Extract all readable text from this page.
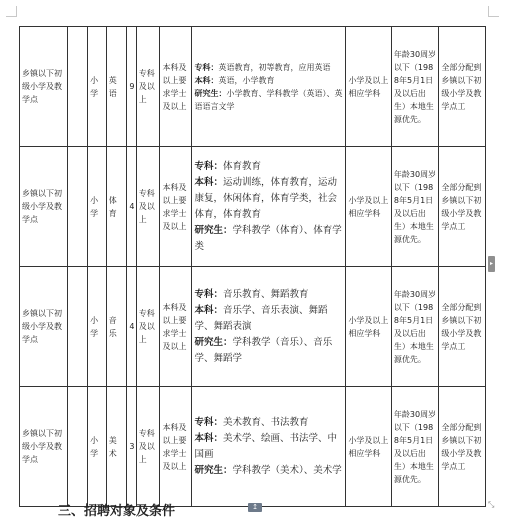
乡镇以下初级小学及教学点		小学	英语	9	专科及以上	本科及以上要求学士及以上	专科：英语教育，初等教育，应用英语
本科：英语，小学教育
研究生：小学教育、学科教学（英语）、英语语言文学	小学及以上相应学科	年龄30周岁以下（1988年5月1日及以后出生）本地生源优先。	全部分配到乡镇以下初级小学及教学点工
乡镇以下初级小学及教学点		小学	体育	4	专科及以上	本科及以上要求学士及以上	专科：体育教育
本科：运动训练，体育教育，运动康复，休闲体育，体育学类，社会体育，体育教育
研究生：学科教学（体育）、体育学类	小学及以上相应学科	年龄30周岁以下（1988年5月1日及以后出生）本地生源优先。	全部分配到乡镇以下初级小学及教学点工
乡镇以下初级小学及教学点		小学	音乐	4	专科及以上	本科及以上要求学士及以上	专科：音乐教育、舞蹈教育
本科：音乐学、音乐表演、舞蹈学、舞蹈表演
研究生：学科教学（音乐）、音乐学、舞蹈学	小学及以上相应学科	年龄30周岁以下（1988年5月1日及以后出生）本地生源优先。	全部分配到乡镇以下初级小学及教学点工
乡镇以下初级小学及教学点		小学	美术	3	专科及以上	本科及以上要求学士及以上	专科：美术教育、书法教育
本科：美术学、绘画、书法学、中国画
研究生：学科教学（美术）、美术学	小学及以上相应学科	年龄30周岁以下（1988年5月1日及以后出生）本地生源优先。	全部分配到乡镇以下初级小学及教学点工
▸
三、招聘对象及条件	↥	⤡
